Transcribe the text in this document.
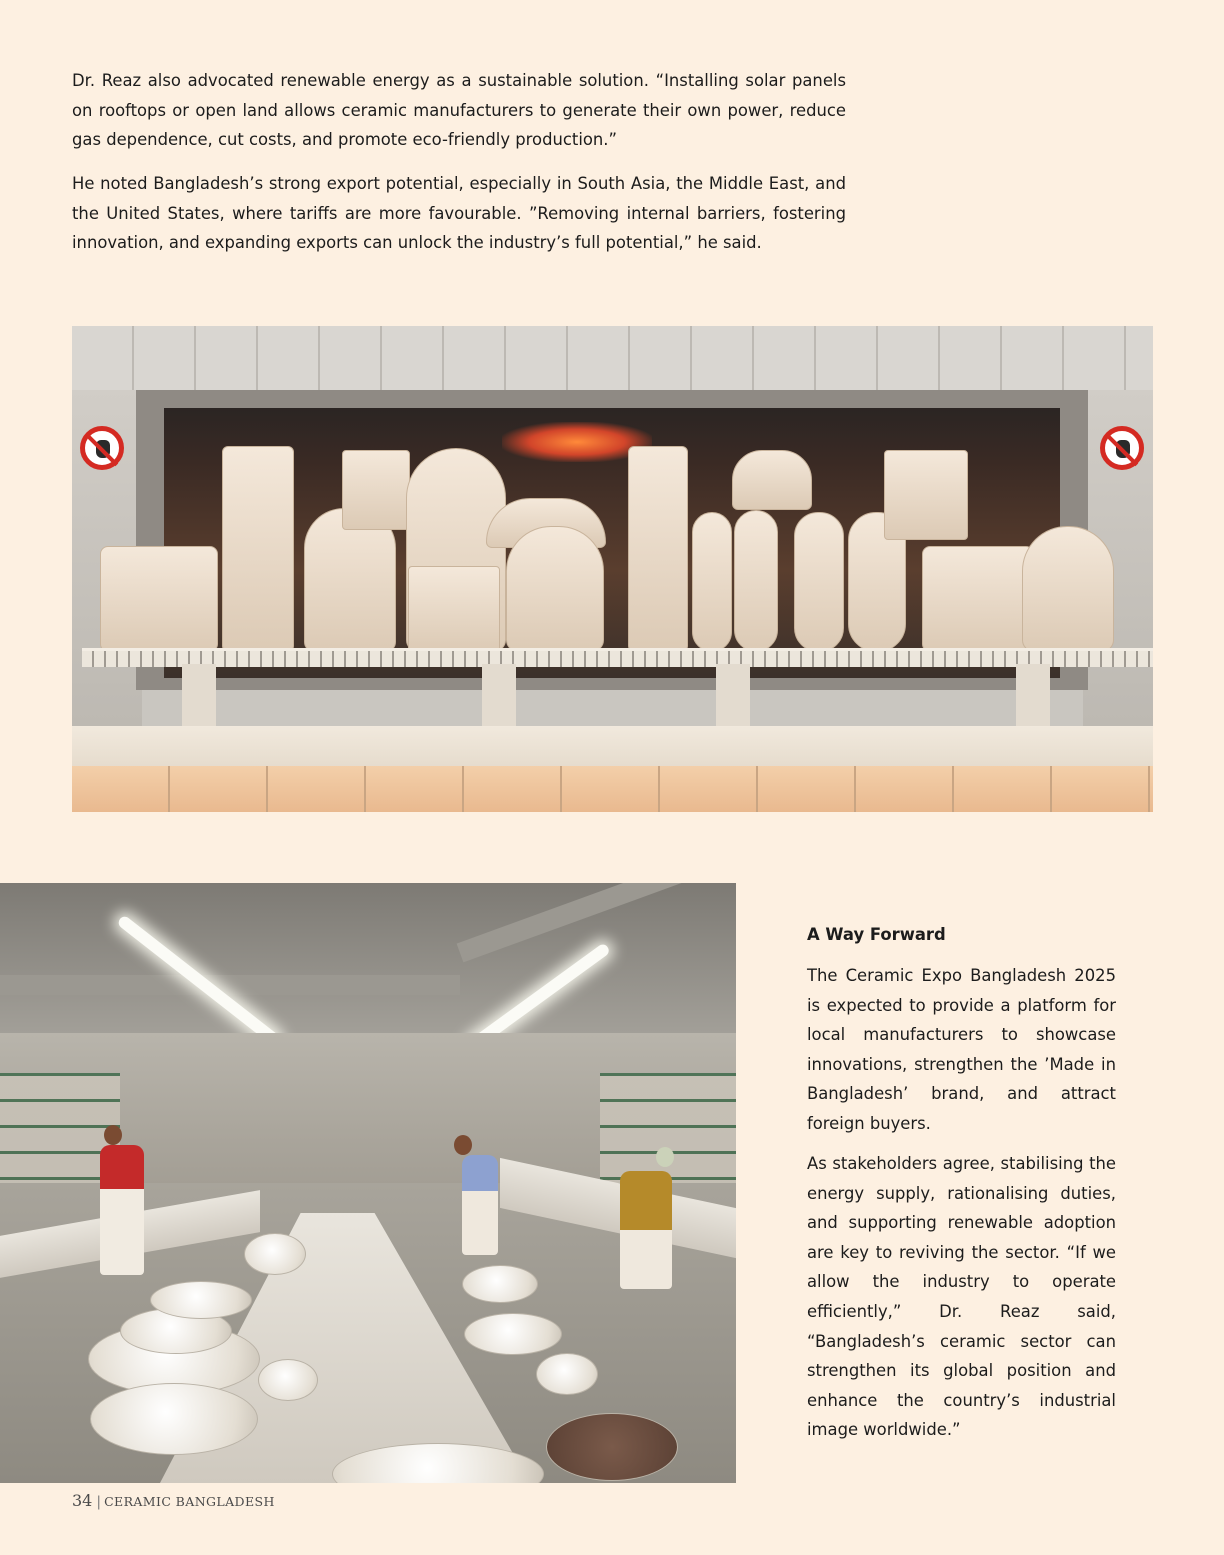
Dr. Reaz also advocated renewable energy as a sustainable solution. “Installing solar panels on rooftops or open land allows ceramic manufacturers to generate their own power, reduce gas dependence, cut costs, and promote eco-friendly production.”

He noted Bangladesh’s strong export potential, especially in South Asia, the Middle East, and the United States, where tariffs are more favourable. ”Removing internal barriers, fostering innovation, and expanding exports can unlock the industry’s full potential,” he said.

A Way Forward

The Ceramic Expo Bangladesh 2025 is expected to provide a platform for local manufacturers to showcase innovations, strengthen the ’Made in Bangladesh’ brand, and attract foreign buyers.

As stakeholders agree, stabilising the energy supply, rationalising duties, and supporting renewable adoption are key to reviving the sector. “If we allow the industry to operate efficiently,” Dr. Reaz said, “Bangladesh’s ceramic sector can strengthen its global position and enhance the country’s industrial image worldwide.”

34 | CERAMIC BANGLADESH
